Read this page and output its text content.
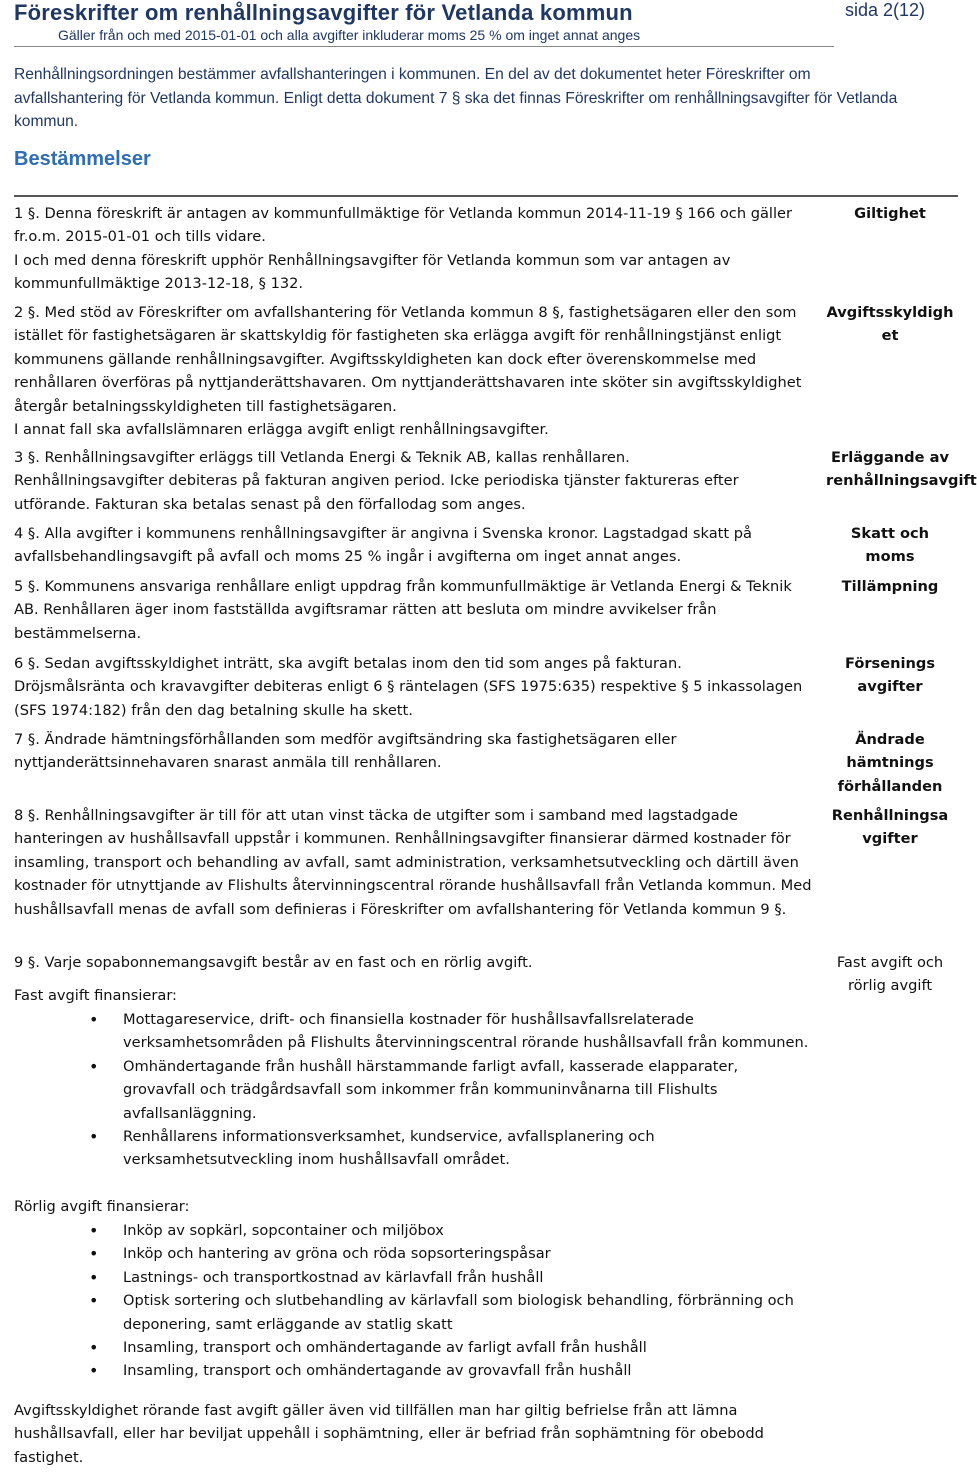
Föreskrifter om renhållningsavgifter för Vetlanda kommun
Gäller från och med 2015-01-01 och alla avgifter inkluderar moms 25 % om inget annat anges
sida 2(12)
Renhållningsordningen bestämmer avfallshanteringen i kommunen. En del av det dokumentet heter Föreskrifter om avfallshantering för Vetlanda kommun. Enligt detta dokument 7 § ska det finnas Föreskrifter om renhållningsavgifter för Vetlanda kommun.
Bestämmelser
1 §. Denna föreskrift är antagen av kommunfullmäktige för Vetlanda kommun 2014-11-19 § 166 och gäller fr.o.m. 2015-01-01 och tills vidare.
I och med denna föreskrift upphör Renhållningsavgifter för Vetlanda kommun som var antagen av kommunfullmäktige 2013-12-18, § 132.
Giltighet
2 §. Med stöd av Föreskrifter om avfallshantering för Vetlanda kommun 8 §, fastighetsägaren eller den som istället för fastighetsägaren är skattskyldig för fastigheten ska erlägga avgift för renhållningstjänst enligt kommunens gällande renhållningsavgifter. Avgiftsskyldigheten kan dock efter överenskommelse med renhållaren överföras på nyttjanderättshavaren. Om nyttjanderättshavaren inte sköter sin avgiftsskyldighet återgår betalningsskyldigheten till fastighetsägaren.
I annat fall ska avfallslämnaren erlägga avgift enligt renhållningsavgifter.
Avgiftsskyldighet
3 §. Renhållningsavgifter erläggs till Vetlanda Energi & Teknik AB, kallas renhållaren.
Renhållningsavgifter debiteras på fakturan angiven period. Icke periodiska tjänster faktureras efter utförande. Fakturan ska betalas senast på den förfallodag som anges.
Erläggande av renhållningsavgift
4 §. Alla avgifter i kommunens renhållningsavgifter är angivna i Svenska kronor. Lagstadgad skatt på avfallsbehandlingsavgift på avfall och moms 25 % ingår i avgifterna om inget annat anges.
Skatt och moms
5 §. Kommunens ansvariga renhållare enligt uppdrag från kommunfullmäktige är Vetlanda Energi & Teknik AB. Renhållaren äger inom fastställda avgiftsramar rätten att besluta om mindre avvikelser från bestämmelserna.
Tillämpning
6 §. Sedan avgiftsskyldighet inträtt, ska avgift betalas inom den tid som anges på fakturan.
Dröjsmålsränta och kravavgifter debiteras enligt 6 § räntelagen (SFS 1975:635) respektive § 5 inkassolagen (SFS 1974:182) från den dag betalning skulle ha skett.
Försenings avgifter
7 §. Ändrade hämtningsförhållanden som medför avgiftsändring ska fastighetsägaren eller nyttjanderättsinnehavaren snarast anmäla till renhållaren.
Ändrade hämtnings förhållanden
8 §. Renhållningsavgifter är till för att utan vinst täcka de utgifter som i samband med lagstadgade hanteringen av hushållsavfall uppstår i kommunen. Renhållningsavgifter finansierar därmed kostnader för insamling, transport och behandling av avfall, samt administration, verksamhetsutveckling och därtill även kostnader för utnyttjande av Flishults återvinningscentral rörande hushållsavfall från Vetlanda kommun. Med hushållsavfall menas de avfall som definieras i Föreskrifter om avfallshantering för Vetlanda kommun 9 §.
Renhållningsa vgifter
9 §. Varje sopabonnemangsavgift består av en fast och en rörlig avgift.	Fast avgift och rörlig avgift
Fast avgift finansierar:
• Mottagareservice, drift- och finansiella kostnader för hushållsavfallsrelaterade verksamhetsområden på Flishults återvinningscentral rörande hushållsavfall från kommunen.
• Omhändertagande från hushåll härstammande farligt avfall, kasserade elapparater, grovavfall och trädgårdsavfall som inkommer från kommuninvånarna till Flishults avfallsanläggning.
• Renhållarens informationsverksamhet, kundservice, avfallsplanering och verksamhetsutveckling inom hushållsavfall området.
Rörlig avgift finansierar:
• Inköp av sopkärl, sopcontainer och miljöbox
• Inköp och hantering av gröna och röda sopsorteringspåsar
• Lastnings- och transportkostnad av kärlavfall från hushåll
• Optisk sortering och slutbehandling av kärlavfall som biologisk behandling, förbränning och deponering, samt erläggande av statlig skatt
• Insamling, transport och omhändertagande av farligt avfall från hushåll
• Insamling, transport och omhändertagande av grovavfall från hushåll
Avgiftsskyldighet rörande fast avgift gäller även vid tillfällen man har giltig befrielse från att lämna hushållsavfall, eller har beviljat uppehåll i sophämtning, eller är befriad från sophämtning för obebodd fastighet.
